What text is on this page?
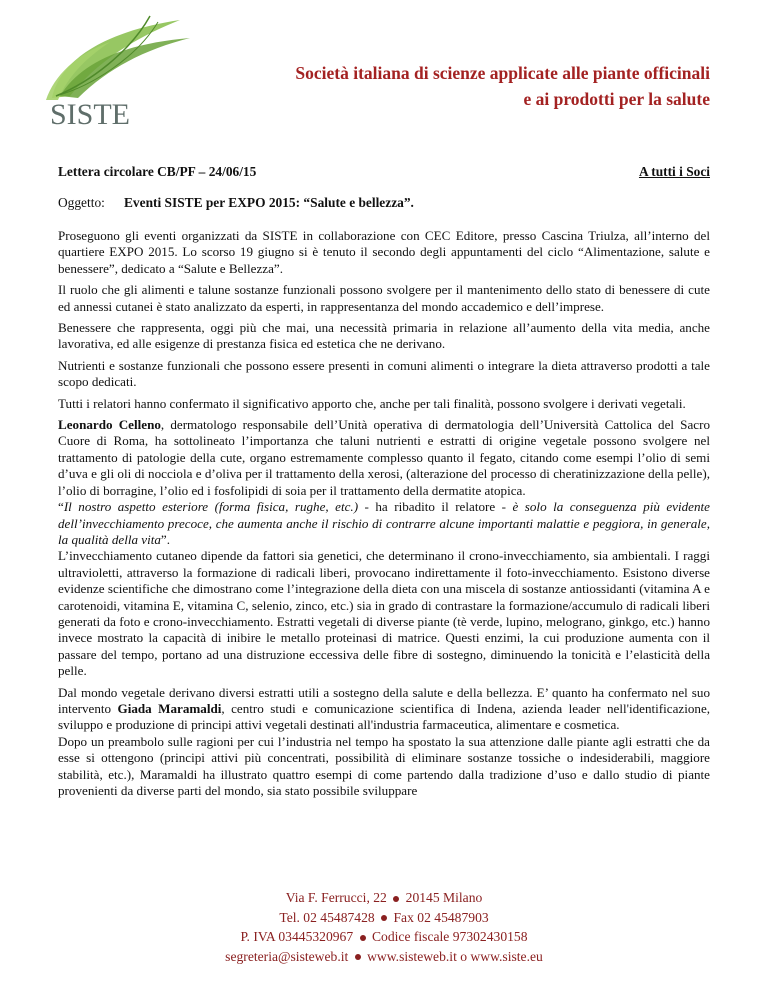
SISTE
Società italiana di scienze applicate alle piante officinali
e ai prodotti per la salute
Lettera circolare CB/PF – 24/06/15	A tutti i Soci
Oggetto: Eventi SISTE per EXPO 2015: “Salute e bellezza”.

Proseguono gli eventi organizzati da SISTE in collaborazione con CEC Editore, presso Cascina Triulza, all’interno del quartiere EXPO 2015. Lo scorso 19 giugno si è tenuto il secondo degli appuntamenti del ciclo “Alimentazione, salute e benessere”, dedicato a “Salute e Bellezza”.

Il ruolo che gli alimenti e talune sostanze funzionali possono svolgere per il mantenimento dello stato di benessere di cute ed annessi cutanei è stato analizzato da esperti, in rappresentanza del mondo accademico e dell’imprese.

Benessere che rappresenta, oggi più che mai, una necessità primaria in relazione all’aumento della vita media, anche lavorativa, ed alle esigenze di prestanza fisica ed estetica che ne derivano.

Nutrienti e sostanze funzionali che possono essere presenti in comuni alimenti o integrare la dieta attraverso prodotti a tale scopo dedicati.

Tutti i relatori hanno confermato il significativo apporto che, anche per tali finalità, possono svolgere i derivati vegetali.

Leonardo Celleno, dermatologo responsabile dell’Unità operativa di dermatologia dell’Università Cattolica del Sacro Cuore di Roma, ha sottolineato l’importanza che taluni nutrienti e estratti di origine vegetale possono svolgere nel trattamento di patologie della cute, organo estremamente complesso quanto il fegato, citando come esempi l’olio di semi d’uva e gli oli di nocciola e d’oliva per il trattamento della xerosi, (alterazione del processo di cheratinizzazione della pelle), l’olio di borragine, l’olio ed i fosfolipidi di soia per il trattamento della dermatite atopica.

“Il nostro aspetto esteriore (forma fisica, rughe, etc.) - ha ribadito il relatore - è solo la conseguenza più evidente dell’invecchiamento precoce, che aumenta anche il rischio di contrarre alcune importanti malattie e peggiora, in generale, la qualità della vita”.

L’invecchiamento cutaneo dipende da fattori sia genetici, che determinano il crono-invecchiamento, sia ambientali. I raggi ultravioletti, attraverso la formazione di radicali liberi, provocano indirettamente il foto-invecchiamento. Esistono diverse evidenze scientifiche che dimostrano come l’integrazione della dieta con una miscela di sostanze antiossidanti (vitamina A e carotenoidi, vitamina E, vitamina C, selenio, zinco, etc.) sia in grado di contrastare la formazione/accumulo di radicali liberi generati da foto e crono-invecchiamento. Estratti vegetali di diverse piante (tè verde, lupino, melograno, ginkgo, etc.) hanno invece mostrato la capacità di inibire le metallo proteinasi di matrice. Questi enzimi, la cui produzione aumenta con il passare del tempo, portano ad una distruzione eccessiva delle fibre di sostegno, diminuendo la tonicità e l’elasticità della pelle.

Dal mondo vegetale derivano diversi estratti utili a sostegno della salute e della bellezza. E’ quanto ha confermato nel suo intervento Giada Maramaldi, centro studi e comunicazione scientifica di Indena, azienda leader nell'identificazione, sviluppo e produzione di principi attivi vegetali destinati all'industria farmaceutica, alimentare e cosmetica.

Dopo un preambolo sulle ragioni per cui l’industria nel tempo ha spostato la sua attenzione dalle piante agli estratti che da esse si ottengono (principi attivi più concentrati, possibilità di eliminare sostanze tossiche o indesiderabili, maggiore stabilità, etc.), Maramaldi ha illustrato quattro esempi di come partendo dalla tradizione d’uso e dallo studio di piante provenienti da diverse parti del mondo, sia stato possibile sviluppare

Via F. Ferrucci, 22 20145 Milano
Tel. 02 45487428 Fax 02 45487903
P. IVA 03445320967 Codice fiscale 97302430158
segreteria@sisteweb.it www.sisteweb.it o www.siste.eu
